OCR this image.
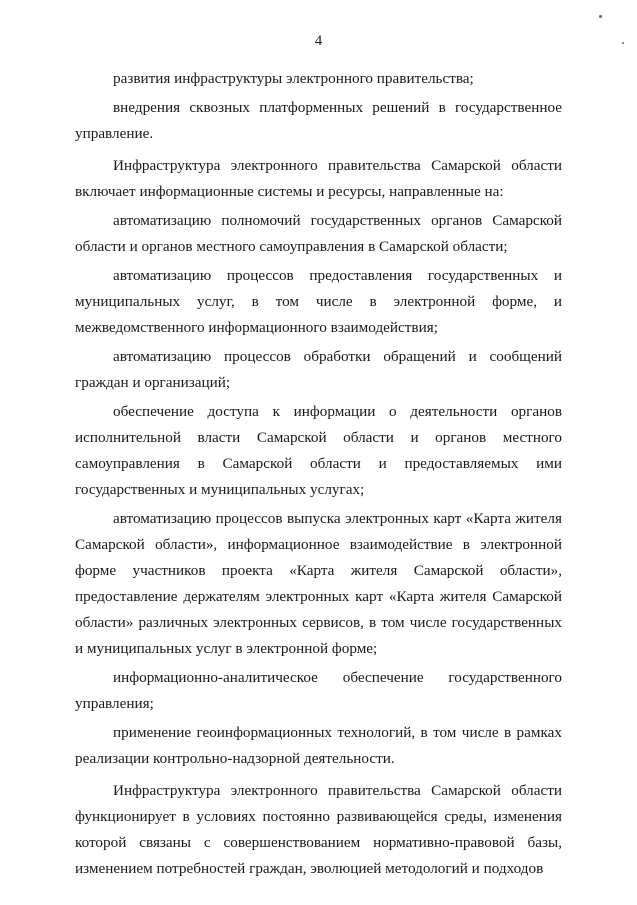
4

развития инфраструктуры электронного правительства;

внедрения сквозных платформенных решений в государственное управление.

Инфраструктура электронного правительства Самарской области включает информационные системы и ресурсы, направленные на:

автоматизацию полномочий государственных органов Самарской области и органов местного самоуправления в Самарской области;

автоматизацию процессов предоставления государственных и муниципальных услуг, в том числе в электронной форме, и межведомственного информационного взаимодействия;

автоматизацию процессов обработки обращений и сообщений граждан и организаций;

обеспечение доступа к информации о деятельности органов исполнительной власти Самарской области и органов местного самоуправления в Самарской области и предоставляемых ими государственных и муниципальных услугах;

автоматизацию процессов выпуска электронных карт «Карта жителя Самарской области», информационное взаимодействие в электронной форме участников проекта «Карта жителя Самарской области», предоставление держателям электронных карт «Карта жителя Самарской области» различных электронных сервисов, в том числе государственных и муниципальных услуг в электронной форме;

информационно-аналитическое обеспечение государственного управления;

применение геоинформационных технологий, в том числе в рамках реализации контрольно-надзорной деятельности.

Инфраструктура электронного правительства Самарской области функционирует в условиях постоянно развивающейся среды, изменения которой связаны с совершенствованием нормативно-правовой базы, изменением потребностей граждан, эволюцией методологий и подходов
